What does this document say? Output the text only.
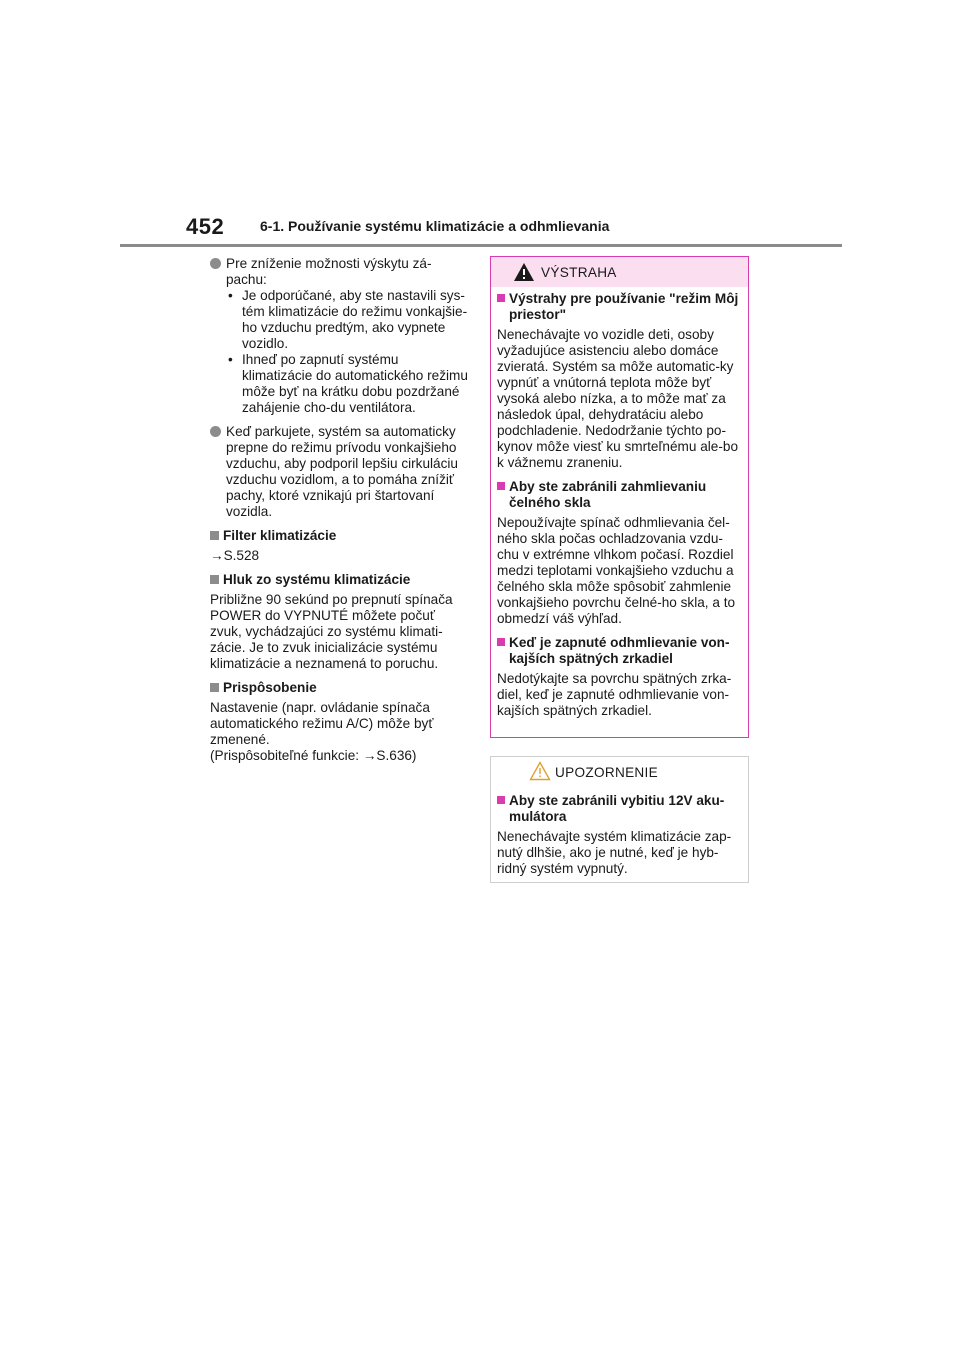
452	6-1. Používanie systému klimatizácie a odhmlievania
Pre zníženie možnosti výskytu zá-pachu:
• Je odporúčané, aby ste nastavili sys-tém klimatizácie do režimu vonkajšie-ho vzduchu predtým, ako vypnete vozidlo.
• Ihneď po zapnutí systému klimatizácie do automatického režimu môže byť na krátku dobu pozdržané zahájenie cho-du ventilátora.
Keď parkujete, systém sa automaticky prepne do režimu prívodu vonkajšieho vzduchu, aby podporil lepšiu cirkuláciu vzduchu vozidlom, a to pomáha znížiť pachy, ktoré vznikajú pri štartovaní vozidla.
Filter klimatizácie
→S.528
Hluk zo systému klimatizácie
Približne 90 sekúnd po prepnutí spínača POWER do VYPNUTÉ môžete počuť zvuk, vychádzajúci zo systému klimati-zácie. Je to zvuk inicializácie systému klimatizácie a neznamená to poruchu.
Prispôsobenie
Nastavenie (napr. ovládanie spínača automatického režimu A/C) môže byť zmenené.
(Prispôsobiteľné funkcie: →S.636)
VÝSTRAHA
Výstrahy pre používanie "režim Môj priestor"
Nenechávajte vo vozidle deti, osoby vyžadujúce asistenciu alebo domáce zvieratá. Systém sa môže automatic-ky vypnúť a vnútorná teplota môže byť vysoká alebo nízka, a to môže mať za následok úpal, dehydratáciu alebo podchladenie. Nedodržanie týchto po-kynov môže viesť ku smrteľnému ale-bo k vážnemu zraneniu.
Aby ste zabránili zahmlievaniu čelného skla
Nepoužívajte spínač odhmlievania čel-ného skla počas ochladzovania vzdu-chu v extrémne vlhkom počasí. Rozdiel medzi teplotami vonkajšieho vzduchu a čelného skla môže spôsobiť zahmlenie vonkajšieho povrchu čelné-ho skla, a to obmedzí váš výhľad.
Keď je zapnuté odhmlievanie von-kajších spätných zrkadiel
Nedotýkajte sa povrchu spätných zrka-diel, keď je zapnuté odhmlievanie von-kajších spätných zrkadiel.
UPOZORNENIE
Aby ste zabránili vybitiu 12V aku-mulátora
Nenechávajte systém klimatizácie zap-nutý dlhšie, ako je nutné, keď je hyb-ridný systém vypnutý.
